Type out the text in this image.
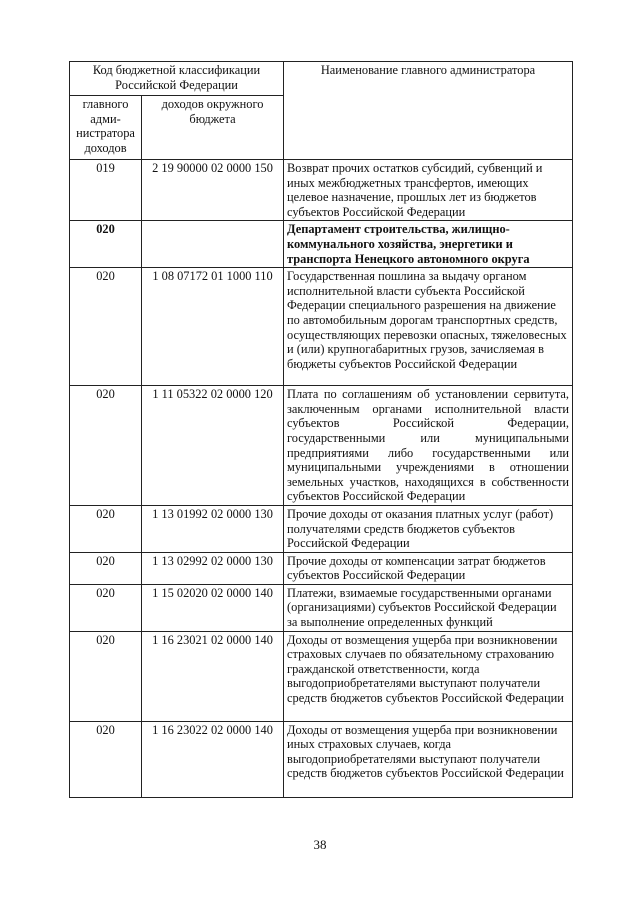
Код бюджетной классификации Российской Федерации		Наименование главного администратора
главного адми-нистратора доходов	доходов окружного бюджета	
019	2 19 90000 02 0000 150	Возврат прочих остатков субсидий, субвенций и иных межбюджетных трансфертов, имеющих целевое назначение, прошлых лет из бюджетов субъектов Российской Федерации
020		Департамент строительства, жилищно-коммунального хозяйства, энергетики и транспорта Ненецкого автономного округа
020	1 08 07172 01 1000 110	Государственная пошлина за выдачу органом исполнительной власти субъекта Российской Федерации специального разрешения на движение по автомобильным дорогам транспортных средств, осуществляющих перевозки опасных, тяжеловесных и (или) крупногабаритных грузов, зачисляемая в бюджеты субъектов Российской Федерации
020	1 11 05322 02 0000 120	Плата по соглашениям об установлении сервитута, заключенным органами исполнительной власти субъектов Российской Федерации, государственными или муниципальными предприятиями либо государственными или муниципальными учреждениями в отношении земельных участков, находящихся в собственности субъектов Российской Федерации
020	1 13 01992 02 0000 130	Прочие доходы от оказания платных услуг (работ) получателями средств бюджетов субъектов Российской Федерации
020	1 13 02992 02 0000 130	Прочие доходы от компенсации затрат бюджетов субъектов Российской Федерации
020	1 15 02020 02 0000 140	Платежи, взимаемые государственными органами (организациями) субъектов Российской Федерации за выполнение определенных функций
020	1 16 23021 02 0000 140	Доходы от возмещения ущерба при возникновении страховых случаев по обязательному страхованию гражданской ответственности, когда выгодоприобретателями выступают получатели средств бюджетов субъектов Российской Федерации
020	1 16 23022 02 0000 140	Доходы от возмещения ущерба при возникновении иных страховых случаев, когда выгодоприобретателями выступают получатели средств бюджетов субъектов Российской Федерации
38
